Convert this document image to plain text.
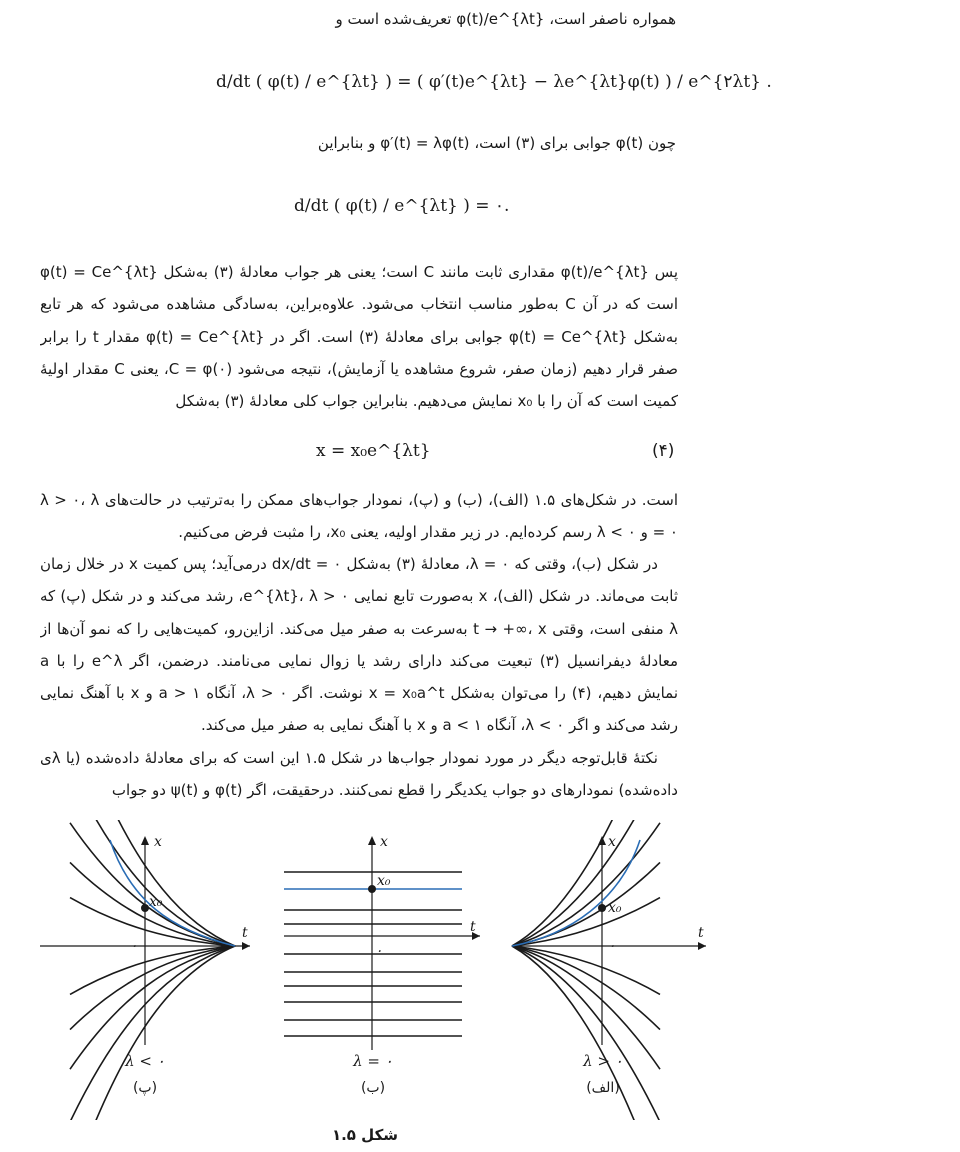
همواره ناصفر است، φ(t)/e^{λt} تعریف‌شده است و
d/dt ( φ(t) / e^{λt} ) = ( φ′(t)e^{λt} − λe^{λt}φ(t) ) / e^{۲λt} .
چون φ(t) جوابی برای (۳) است، φ′(t) = λφ(t) و بنابراین
d/dt ( φ(t) / e^{λt} ) = ۰.
پس φ(t)/e^{λt} مقداری ثابت مانند C است؛ یعنی هر جواب معادلهٔ (۳) به‌شکل φ(t) = Ce^{λt} است که در آن C به‌طور مناسب انتخاب می‌شود. علاوه‌براین، به‌سادگی مشاهده می‌شود که هر تابع به‌شکل φ(t) = Ce^{λt} جوابی برای معادلهٔ (۳) است. اگر در φ(t) = Ce^{λt} مقدار t را برابر صفر قرار دهیم (زمان صفر، شروع مشاهده یا آزمایش)، نتیجه می‌شود C = φ(۰)، یعنی C مقدار اولیهٔ کمیت است که آن را با x₀ نمایش می‌دهیم. بنابراین جواب کلی معادلهٔ (۳) به‌شکل
x = x₀e^{λt}	(۴)
است. در شکل‌های ۱.۵ (الف)، (ب) و (پ)، نمودار جواب‌های ممکن را به‌ترتیب در حالت‌های λ > ۰، λ = ۰ و λ < ۰ رسم کرده‌ایم. در زیر مقدار اولیه، یعنی x₀، را مثبت فرض می‌کنیم.
در شکل (ب)، وقتی که λ = ۰، معادلهٔ (۳) به‌شکل dx/dt = ۰ درمی‌آید؛ پس کمیت x در خلال زمان ثابت می‌ماند. در شکل (الف)، x به‌صورت تابع نمایی e^{λt}، λ > ۰، رشد می‌کند و در شکل (پ) که λ منفی است، وقتی t → +∞، x به‌سرعت به صفر میل می‌کند. ازاین‌رو، کمیت‌هایی را که نمو آن‌ها از معادلهٔ دیفرانسیل (۳) تبعیت می‌کند دارای رشد یا زوال نمایی می‌نامند. درضمن، اگر e^λ را با a نمایش دهیم، (۴) را می‌توان به‌شکل x = x₀a^t نوشت. اگر λ > ۰، آنگاه a > ۱ و x با آهنگ نمایی رشد می‌کند و اگر λ < ۰، آنگاه a < ۱ و x با آهنگ نمایی به صفر میل می‌کند.
نکتهٔ قابل‌توجه دیگر در مورد نمودار جواب‌ها در شکل ۱.۵ این است که برای معادلهٔ داده‌شده (یا λی داده‌شده) نمودارهای دو جواب یکدیگر را قطع نمی‌کنند. درحقیقت، اگر φ(t) و ψ(t) دو جواب
x₀
x
t
۰
x₀
x
t
۰
x₀
x
t
۰
λ < ۰	λ = ۰	λ > ۰
(پ)	(ب)	(الف)
شکل ۱.۵
